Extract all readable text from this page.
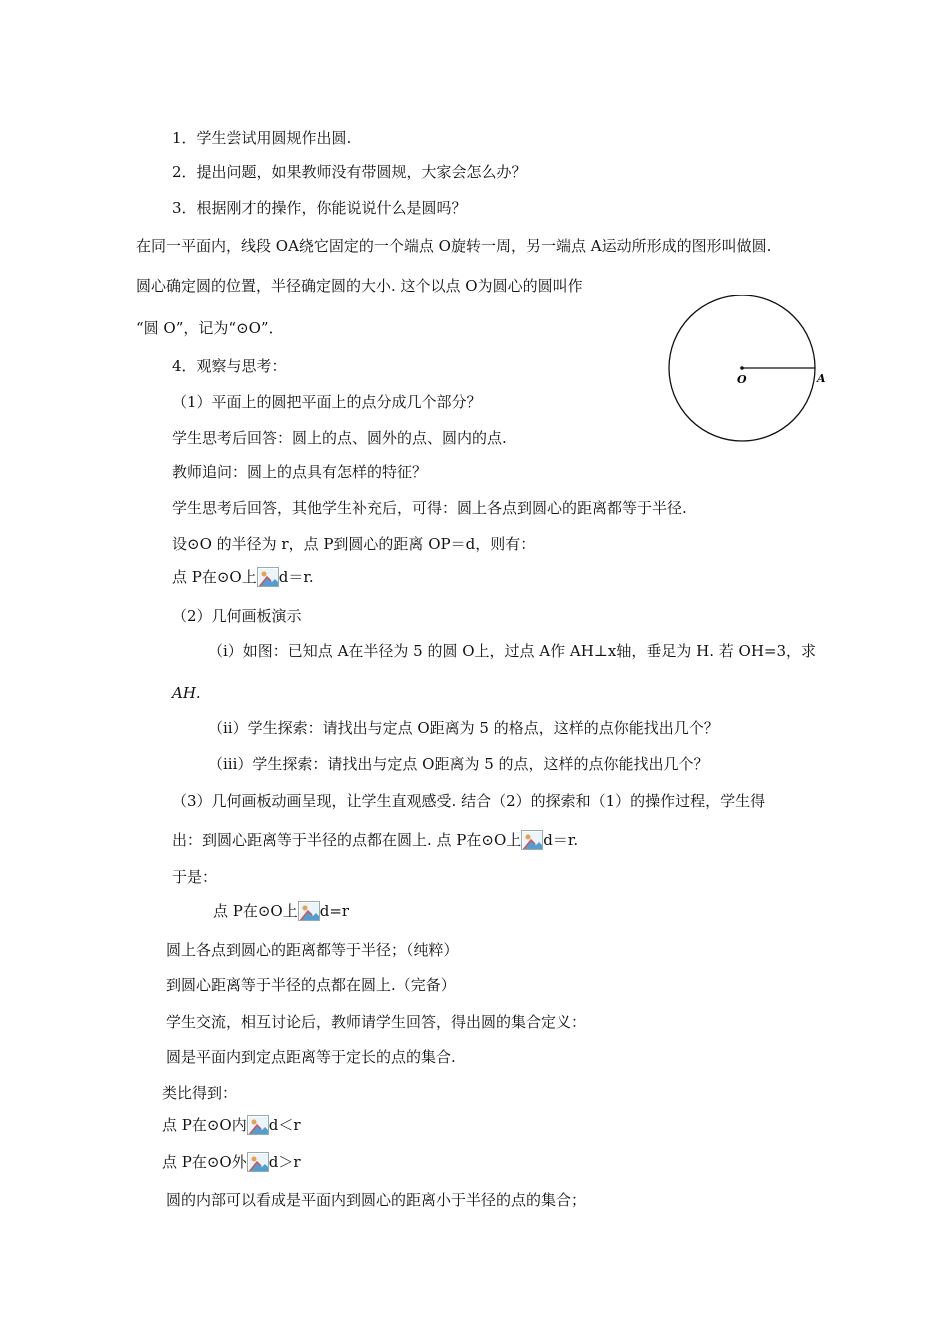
1．学生尝试用圆规作出圆.
2．提出问题，如果教师没有带圆规，大家会怎么办？
3．根据刚才的操作，你能说说什么是圆吗？
在同一平面内，线段 OA绕它固定的一个端点 O旋转一周，另一端点 A运动所形成的图形叫做圆.
圆心确定圆的位置，半径确定圆的大小. 这个以点 O为圆心的圆叫作
“圆 O”，记为“⊙O”．
4．观察与思考：
（1）平面上的圆把平面上的点分成几个部分？
学生思考后回答：圆上的点、圆外的点、圆内的点.
教师追问：圆上的点具有怎样的特征？
学生思考后回答，其他学生补充后，可得：圆上各点到圆心的距离都等于半径.
设⊙O 的半径为 r，点 P到圆心的距离 OP＝d，则有：
点 P在⊙O上 d＝r.
（2）几何画板演示
（i）如图：已知点 A在半径为 5 的圆 O上，过点 A作 AH⊥x轴，垂足为 H. 若 OH=3，求
AH.
（ii）学生探索：请找出与定点 O距离为 5 的格点，这样的点你能找出几个？
（iii）学生探索：请找出与定点 O距离为 5 的点，这样的点你能找出几个？
（3）几何画板动画呈现，让学生直观感受. 结合（2）的探索和（1）的操作过程，学生得
出：到圆心距离等于半径的点都在圆上. 点 P在⊙O上 d＝r.
于是：
点 P在⊙O上 d=r
圆上各点到圆心的距离都等于半径；（纯粹）
到圆心距离等于半径的点都在圆上.（完备）
学生交流，相互讨论后，教师请学生回答，得出圆的集合定义：
圆是平面内到定点距离等于定长的点的集合.
类比得到：
点 P在⊙O内 d＜r
点 P在⊙O外 d＞r
圆的内部可以看成是平面内到圆心的距离小于半径的点的集合；
O	A
